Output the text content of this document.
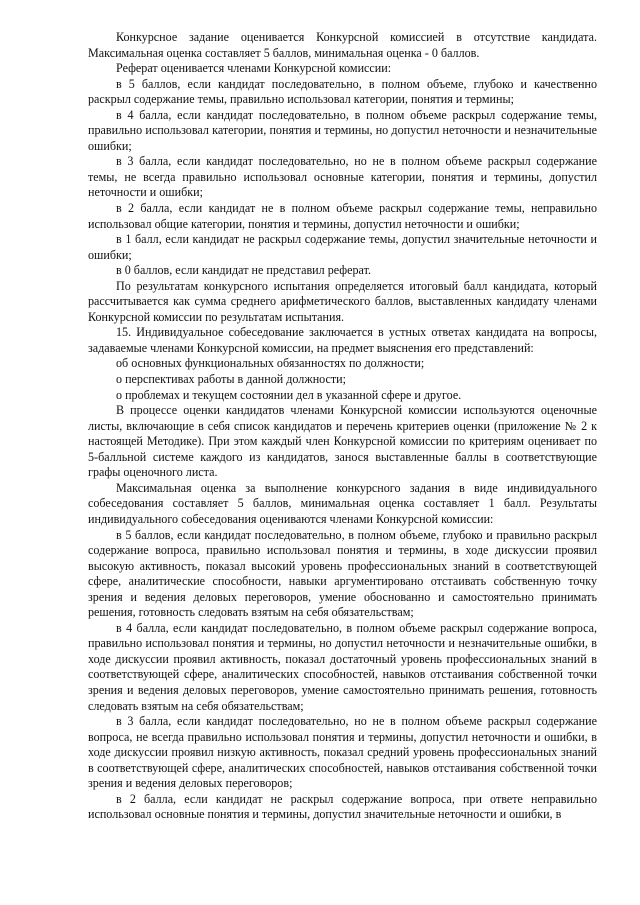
Конкурсное задание оценивается Конкурсной комиссией в отсутствие кандидата. Максимальная оценка составляет 5 баллов, минимальная оценка - 0 баллов.

Реферат оценивается членами Конкурсной комиссии:

в 5 баллов, если кандидат последовательно, в полном объеме, глубоко и качественно раскрыл содержание темы, правильно использовал категории, понятия и термины;

в 4 балла, если кандидат последовательно, в полном объеме раскрыл содержание темы, правильно использовал категории, понятия и термины, но допустил неточности и незначительные ошибки;

в 3 балла, если кандидат последовательно, но не в полном объеме раскрыл содержание темы, не всегда правильно использовал основные категории, понятия и термины, допустил неточности и ошибки;

в 2 балла, если кандидат не в полном объеме раскрыл содержание темы, неправильно использовал общие категории, понятия и термины, допустил неточности и ошибки;

в 1 балл, если кандидат не раскрыл содержание темы, допустил значительные неточности и ошибки;

в 0 баллов, если кандидат не представил реферат.

По результатам конкурсного испытания определяется итоговый балл кандидата, который рассчитывается как сумма среднего арифметического баллов, выставленных кандидату членами Конкурсной комиссии по результатам испытания.

15. Индивидуальное собеседование заключается в устных ответах кандидата на вопросы, задаваемые членами Конкурсной комиссии, на предмет выяснения его представлений:

об основных функциональных обязанностях по должности;

о перспективах работы в данной должности;

о проблемах и текущем состоянии дел в указанной сфере и другое.

В процессе оценки кандидатов членами Конкурсной комиссии используются оценочные листы, включающие в себя список кандидатов и перечень критериев оценки (приложение № 2 к настоящей Методике). При этом каждый член Конкурсной комиссии по критериям оценивает по 5-балльной системе каждого из кандидатов, занося выставленные баллы в соответствующие графы оценочного листа.

Максимальная оценка за выполнение конкурсного задания в виде индивидуального собеседования составляет 5 баллов, минимальная оценка составляет 1 балл. Результаты индивидуального собеседования оцениваются членами Конкурсной комиссии:

в 5 баллов, если кандидат последовательно, в полном объеме, глубоко и правильно раскрыл содержание вопроса, правильно использовал понятия и термины, в ходе дискуссии проявил высокую активность, показал высокий уровень профессиональных знаний в соответствующей сфере, аналитические способности, навыки аргументировано отстаивать собственную точку зрения и ведения деловых переговоров, умение обоснованно и самостоятельно принимать решения, готовность следовать взятым на себя обязательствам;

в 4 балла, если кандидат последовательно, в полном объеме раскрыл содержание вопроса, правильно использовал понятия и термины, но допустил неточности и незначительные ошибки, в ходе дискуссии проявил активность, показал достаточный уровень профессиональных знаний в соответствующей сфере, аналитических способностей, навыков отстаивания собственной точки зрения и ведения деловых переговоров, умение самостоятельно принимать решения, готовность следовать взятым на себя обязательствам;

в 3 балла, если кандидат последовательно, но не в полном объеме раскрыл содержание вопроса, не всегда правильно использовал понятия и термины, допустил неточности и ошибки, в ходе дискуссии проявил низкую активность, показал средний уровень профессиональных знаний в соответствующей сфере, аналитических способностей, навыков отстаивания собственной точки зрения и ведения деловых переговоров;

в 2 балла, если кандидат не раскрыл содержание вопроса, при ответе неправильно использовал основные понятия и термины, допустил значительные неточности и ошибки, в
